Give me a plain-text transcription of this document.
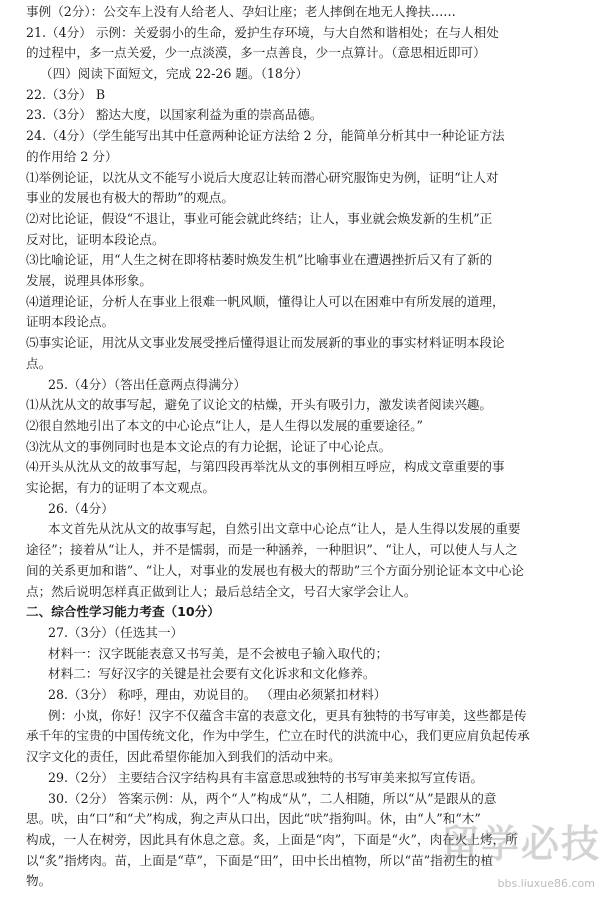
事例（2分）：公交车上没有人给老人、孕妇让座；老人摔倒在地无人搀扶……
21.（4分） 示例：关爱弱小的生命，爱护生存环境，与大自然和谐相处；在与人相处
的过程中，多一点关爱，少一点淡漠，多一点善良，少一点算计。（意思相近即可）
（四）阅读下面短文，完成 22-26 题。（18分）
22.（3分） B
23.（3分） 豁达大度，以国家利益为重的崇高品德。
24.（4分）（学生能写出其中任意两种论证方法给 2 分，能简单分析其中一种论证方法
的作用给 2 分）
⑴举例论证，以沈从文不能写小说后大度忍让转而潜心研究服饰史为例，证明“让人对
事业的发展也有极大的帮助”的观点。
⑵对比论证，假设“不退让，事业可能会就此终结；让人，事业就会焕发新的生机”正
反对比，证明本段论点。
⑶比喻论证，用“人生之树在即将枯萎时焕发生机”比喻事业在遭遇挫折后又有了新的
发展，说理具体形象。
⑷道理论证，分析人在事业上很难一帆风顺，懂得让人可以在困难中有所发展的道理，
证明本段论点。
⑸事实论证，用沈从文事业发展受挫后懂得退让而发展新的事业的事实材料证明本段论
点。
25.（4分）（答出任意两点得满分）
⑴从沈从文的故事写起，避免了议论文的枯燥，开头有吸引力，激发读者阅读兴趣。
⑵很自然地引出了本文的中心论点“让人，是人生得以发展的重要途径。”
⑶沈从文的事例同时也是本文论点的有力论据，论证了中心论点。
⑷开头从沈从文的故事写起，与第四段再举沈从文的事例相互呼应，构成文章重要的事
实论据，有力的证明了本文观点。
26.（4分）
本文首先从沈从文的故事写起，自然引出文章中心论点“让人，是人生得以发展的重要
途径”；接着从“让人，并不是懦弱，而是一种涵养，一种胆识”、“让人，可以使人与人之
间的关系更加和谐”、“让人，对事业的发展也有极大的帮助”三个方面分别论证本文中心论
点；然后说明怎样真正做到让人；最后总结全文，号召大家学会让人。
二、综合性学习能力考查（10分）
27.（3分）（任选其一）
材料一：汉字既能表意又书写美，是不会被电子输入取代的；
材料二：写好汉字的关键是社会要有文化诉求和文化修养。
28.（3分） 称呼，理由，劝说目的。 （理由必须紧扣材料）
例：小岚，你好！汉字不仅蕴含丰富的表意文化，更具有独特的书写审美，这些都是传
承千年的宝贵的中国传统文化，作为中学生，伫立在时代的洪流中心，我们更应肩负起传承
汉字文化的责任，因此希望你能加入到我们的活动中来。
29.（2分） 主要结合汉字结构具有丰富意思或独特的书写审美来拟写宣传语。
30.（2分） 答案示例：从，两个“人”构成“从”，二人相随，所以“从”是跟从的意
思。吠，由“口”和“犬”构成，狗之声从口出，因此“吠”指狗叫。休，由“人”和“木”
构成，一人在树旁，因此具有休息之意。炙，上面是“肉”，下面是“火”，肉在火上烤，所
以“炙”指烤肉。苗，上面是“草”，下面是“田”，田中长出植物，所以“苗”指初生的植
物。
留学必技
bbs.liuxue86.com
